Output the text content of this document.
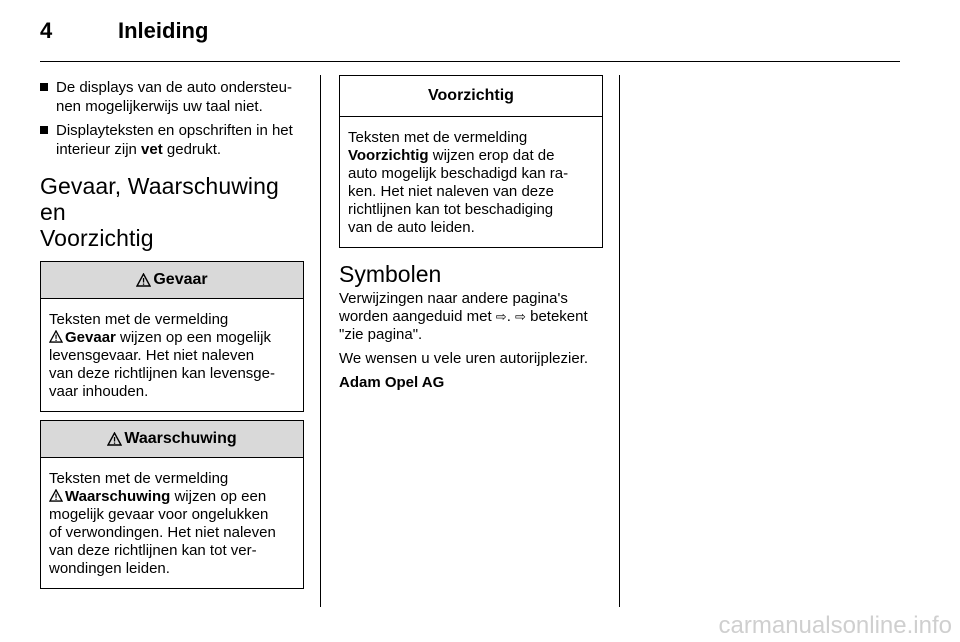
4	Inleiding
De displays van de auto ondersteu-
nen mogelijkerwijs uw taal niet.
Displayteksten en opschriften in het
interieur zijn vet gedrukt.
Gevaar, Waarschuwing en
Voorzichtig
Gevaar
Teksten met de vermelding
Gevaar wijzen op een mogelijk
levensgevaar. Het niet naleven
van deze richtlijnen kan levensge-
vaar inhouden.
Waarschuwing
Teksten met de vermelding
Waarschuwing wijzen op een
mogelijk gevaar voor ongelukken
of verwondingen. Het niet naleven
van deze richtlijnen kan tot ver-
wondingen leiden.
Voorzichtig
Teksten met de vermelding
Voorzichtig wijzen erop dat de
auto mogelijk beschadigd kan ra-
ken. Het niet naleven van deze
richtlijnen kan tot beschadiging
van de auto leiden.
Symbolen
Verwijzingen naar andere pagina's
worden aangeduid met ⇨. ⇨ betekent
"zie pagina".
We wensen u vele uren autorijplezier.
Adam Opel AG
carmanualsonline.info
